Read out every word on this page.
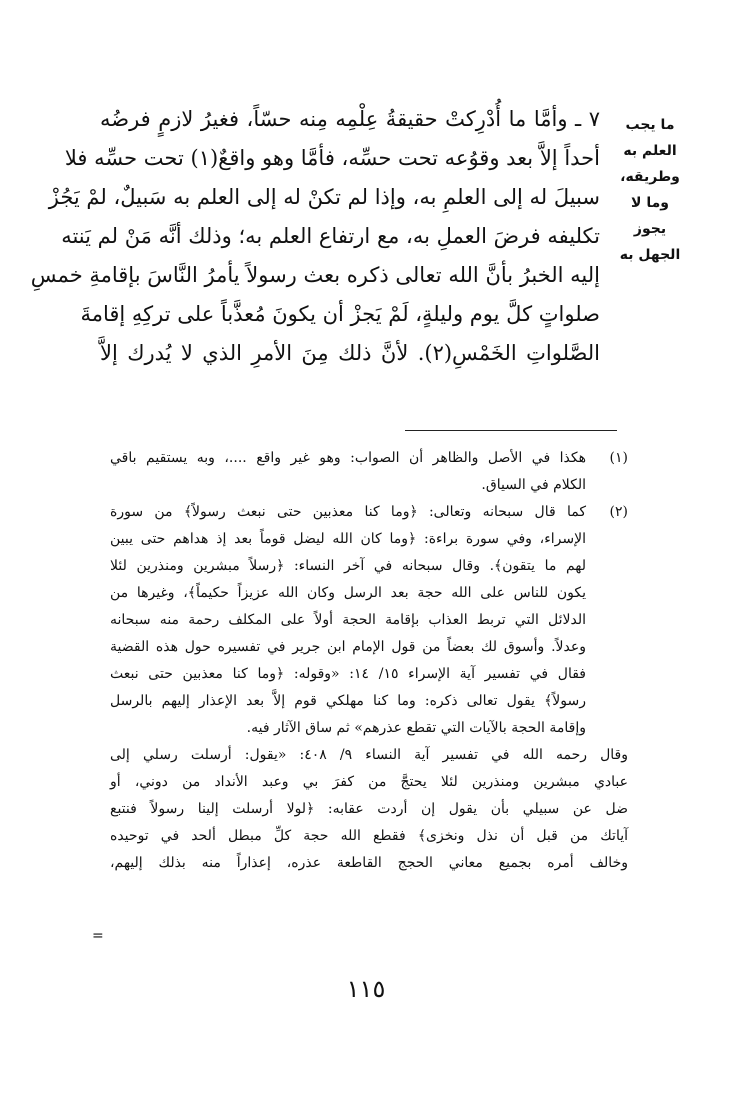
٧ ـ وأمَّا ما أُدْرِكتْ حقيقةُ عِلْمِه مِنه حسّاً، فغيرُ لازمٍ فرضُه
أحداً إلاَّ بعد وقوُعه تحت حسِّه، فأمَّا وهو واقعٌ(١) تحت حسِّه فلا
سبيلَ له إلى العلمِ به، وإذا لم تكنْ له إلى العلم به سَبيلٌ، لمْ يَجُزْ
تكليفه فرضَ العملِ به، مع ارتفاع العلم به؛ وذلك أنَّه مَنْ لم يَنته
إليه الخبرُ بأنَّ الله تعالى ذكره بعث رسولاً يأمرُ النَّاسَ بإقامةِ خمسِ
صلواتٍ كلَّ يوم وليلةٍ، لَمْ يَجزْ أن يكونَ مُعذَّباً على تركِهِ إقامةَ
الصَّلواتِ الخَمْسِ(٢). لأنَّ ذلك مِنَ الأمرِ الذي لا يُدرك إلاَّ
ما يجب
العلم به
وطريقه،
وما لا
يجوز
الجهل به
(١)
هكذا في الأصل والظاهر أن الصواب: وهو غير واقع ....، وبه يستقيم باقي
الكلام في السياق.
(٢)
كما قال سبحانه وتعالى: ﴿وما كنا معذبين حتى نبعث رسولاً﴾ من سورة
الإسراء، وفي سورة براءة: ﴿وما كان الله ليضل قوماً بعد إذ هداهم حتى يبين
لهم ما يتقون﴾. وقال سبحانه في آخر النساء: ﴿رسلاً مبشرين ومنذرين لئلا
يكون للناس على الله حجة بعد الرسل وكان الله عزيزاً حكيماً﴾، وغيرها من
الدلائل التي تربط العذاب بإقامة الحجة أولاً على المكلف رحمة منه سبحانه
وعدلاً. وأسوق لك بعضاً من قول الإمام ابن جرير في تفسيره حول هذه القضية
فقال في تفسير آية الإسراء ١٥/ ١٤: «وقوله: ﴿وما كنا معذبين حتى نبعث
رسولاً﴾ يقول تعالى ذكره: وما كنا مهلكي قوم إلاَّ بعد الإعذار إليهم بالرسل
وإقامة الحجة بالآيات التي تقطع عذرهم» ثم ساق الآثار فيه.
وقال رحمه الله في تفسير آية النساء ٩/ ٤٠٨: «يقول: أرسلت رسلي إلى
عبادي مبشرين ومنذرين لئلا يحتجَّ من كفرَ بي وعبد الأنداد من دوني، أو
ضل عن سبيلي بأن يقول إن أردت عقابه: ﴿لولا أرسلت إلينا رسولاً فنتبع
آياتك من قبل أن نذل ونخزى﴾ فقطع الله حجة كلِّ مبطل ألحد في توحيده
وخالف أمره بجميع معاني الحجج القاطعة عذره، إعذاراً منه بذلك إليهم،
=
١١٥
